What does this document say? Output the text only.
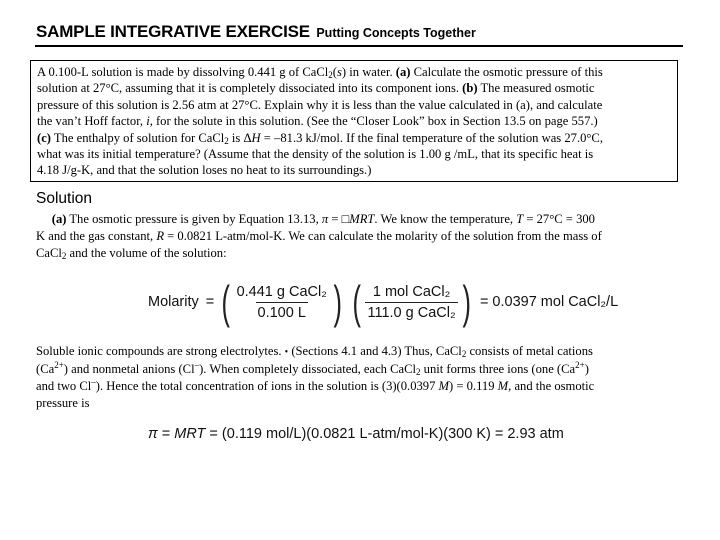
SAMPLE INTEGRATIVE EXERCISE Putting Concepts Together
A 0.100-L solution is made by dissolving 0.441 g of CaCl$_2$(s) in water. (a) Calculate the osmotic pressure of this
solution at 27°C, assuming that it is completely dissociated into its component ions. (b) The measured osmotic
pressure of this solution is 2.56 atm at 27°C. Explain why it is less than the value calculated in (a), and calculate
the van’t Hoff factor, i, for the solute in this solution. (See the “Closer Look” box in Section 13.5 on page 557.)
(c) The enthalpy of solution for CaCl$_2$ is ΔH = –81.3 kJ/mol. If the final temperature of the solution was 27.0°C,
what was its initial temperature? (Assume that the density of the solution is 1.00 g /mL, that its specific heat is
4.18 J/g-K, and that the solution loses no heat to its surroundings.)
Solution
(a) The osmotic pressure is given by Equation 13.13, π = □MRT. We know the temperature, T = 27°C = 300
K and the gas constant, R = 0.0821 L-atm/mol-K. We can calculate the molarity of the solution from the mass of
CaCl$_2$ and the volume of the solution:
Molarity = ( $\frac{\text{0.441 g CaCl₂}}{0.100 L}$ ) ( $\frac{\text{1 mol CaCl₂}}{\text{111.0 g CaCl₂}}$ ) = 0.0397 mol CaCl₂/L
Soluble ionic compounds are strong electrolytes. • (Sections 4.1 and 4.3) Thus, CaCl$_2$ consists of metal cations
$(Ca^{2+})$ and nonmetal anions (Cl–). When completely dissociated, each CaCl$_2$ unit forms three ions (one $(Ca^{2+})$
and two Cl–). Hence the total concentration of ions in the solution is (3)(0.0397 M) = 0.119 M, and the osmotic
pressure is
π = MRT = (0.119 mol/L)(0.0821 L-atm/mol-K)(300 K) = 2.93 atm
